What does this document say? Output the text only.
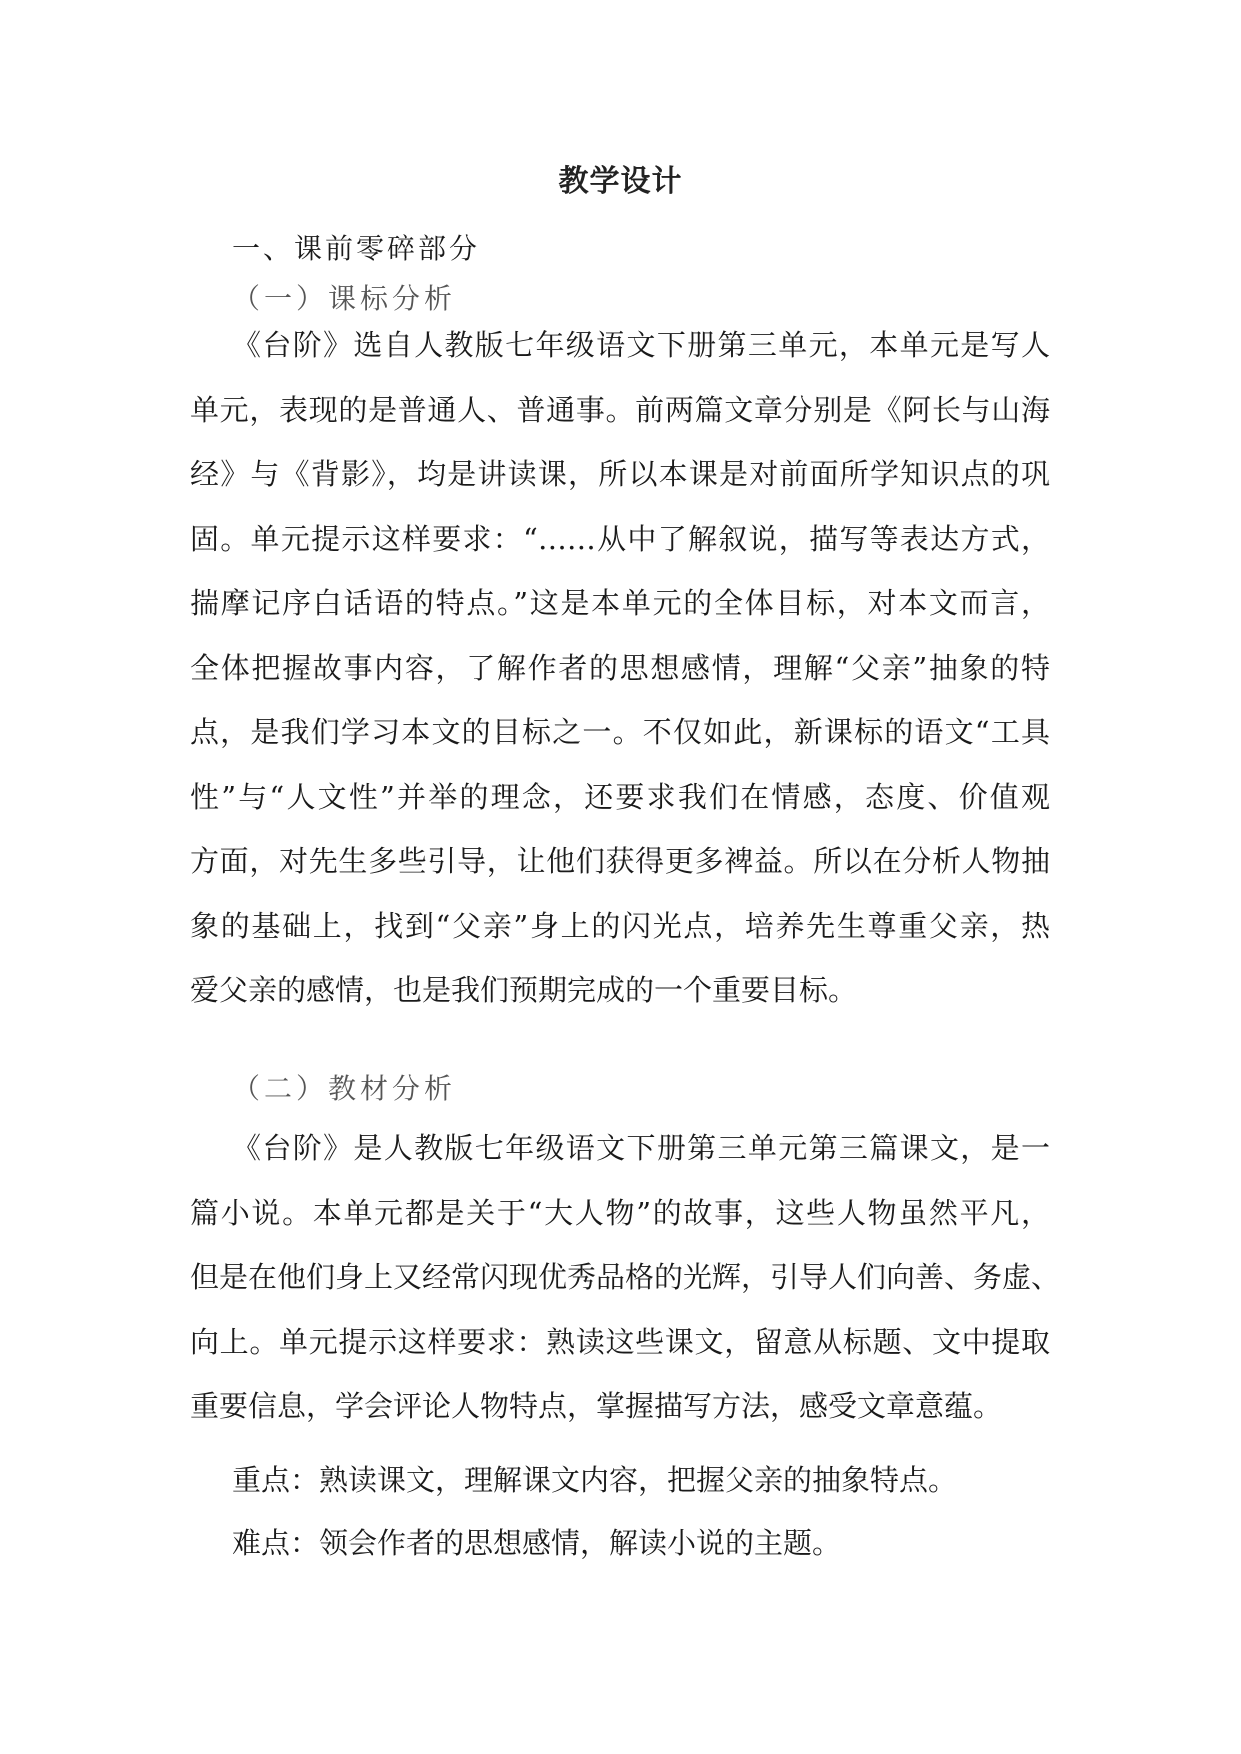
教学设计
一、课前零碎部分
（一）课标分析
《台阶》选自人教版七年级语文下册第三单元，本单元是写人
单元，表现的是普通人、普通事。前两篇文章分别是《阿长与山海
经》与《背影》，均是讲读课，所以本课是对前面所学知识点的巩
固。单元提示这样要求：“……从中了解叙说，描写等表达方式，
揣摩记序白话语的特点。”这是本单元的全体目标，对本文而言，
全体把握故事内容，了解作者的思想感情，理解“父亲”抽象的特
点，是我们学习本文的目标之一。不仅如此，新课标的语文“工具
性”与“人文性”并举的理念，还要求我们在情感，态度、价值观
方面，对先生多些引导，让他们获得更多裨益。所以在分析人物抽
象的基础上，找到“父亲”身上的闪光点，培养先生尊重父亲，热
爱父亲的感情，也是我们预期完成的一个重要目标。
（二）教材分析
《台阶》是人教版七年级语文下册第三单元第三篇课文，是一
篇小说。本单元都是关于“大人物”的故事，这些人物虽然平凡，
但是在他们身上又经常闪现优秀品格的光辉，引导人们向善、务虚、
向上。单元提示这样要求：熟读这些课文，留意从标题、文中提取
重要信息，学会评论人物特点，掌握描写方法，感受文章意蕴。
重点：熟读课文，理解课文内容，把握父亲的抽象特点。
难点：领会作者的思想感情，解读小说的主题。
